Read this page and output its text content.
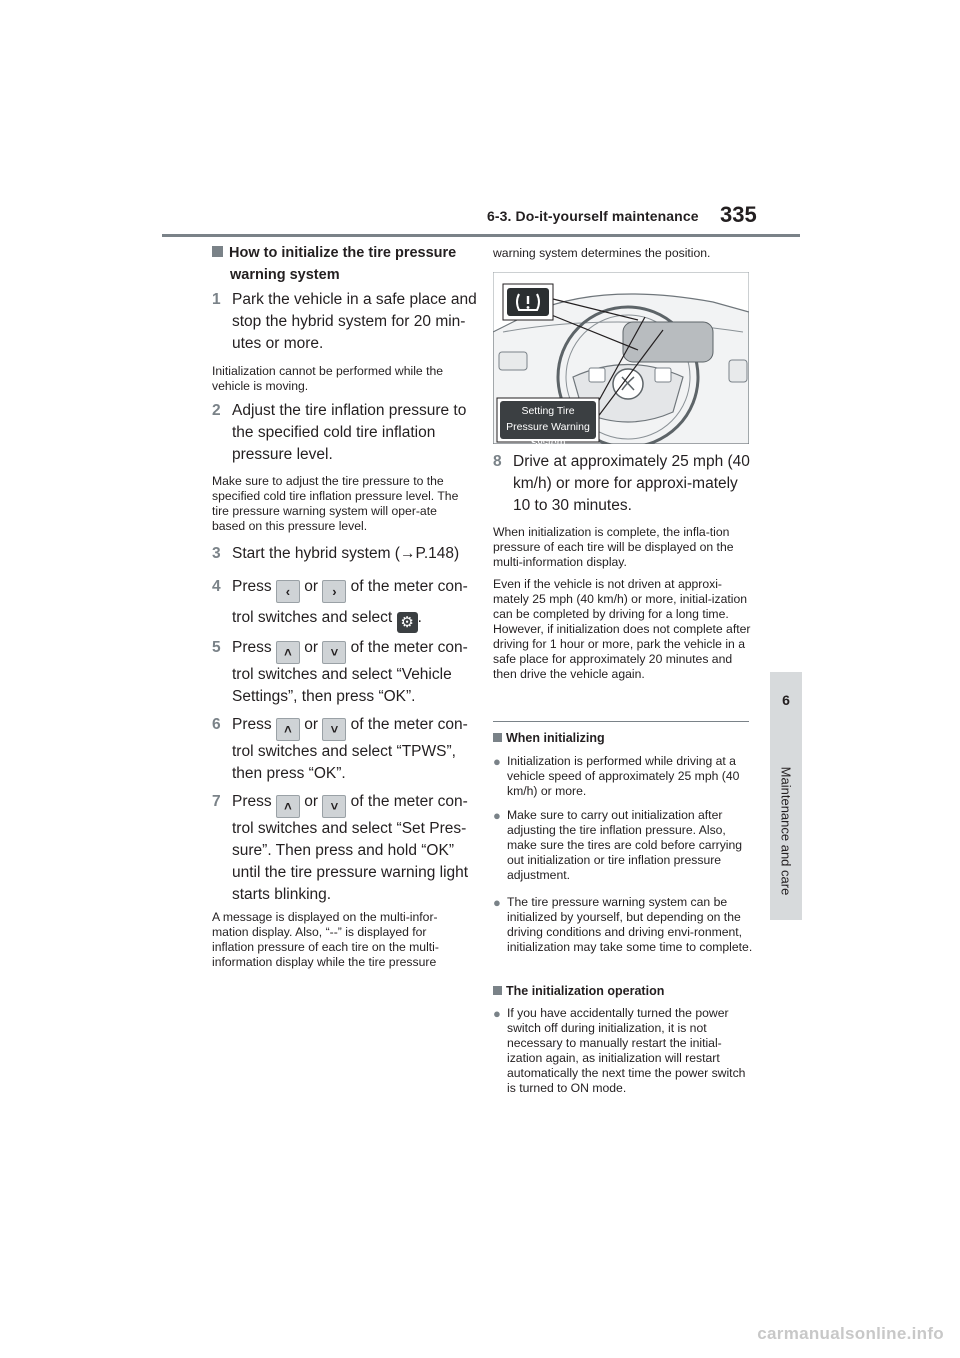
6-3. Do-it-yourself maintenance 335
6
Maintenance and care
How to initialize the tire pressure
warning system
1 Park the vehicle in a safe place and stop the hybrid system for 20 min-utes or more.
Initialization cannot be performed while the vehicle is moving.
2 Adjust the tire inflation pressure to the specified cold tire inflation pressure level.
Make sure to adjust the tire pressure to the specified cold tire inflation pressure level. The tire pressure warning system will oper-ate based on this pressure level.
3 Start the hybrid system (→P.148)
4 Press ‹ or › of the meter con-
trol switches and select ⚙ .
5 Press ˄ or ˅ of the meter con- trol switches and select “Vehicle Settings”, then press “OK”.
6 Press ˄ or ˅ of the meter con- trol switches and select “TPWS”, then press “OK”.
7 Press ˄ or ˅ of the meter con- trol switches and select “Set Pres-sure”. Then press and hold “OK” until the tire pressure warning light starts blinking.
A message is displayed on the multi-infor-mation display. Also, “--” is displayed for inflation pressure of each tire on the multi-information display while the tire pressure
warning system determines the position.
Setting Tire Pressure Warning System
8 Drive at approximately 25 mph (40 km/h) or more for approxi-mately 10 to 30 minutes.
When initialization is complete, the infla-tion pressure of each tire will be displayed on the multi-information display.
Even if the vehicle is not driven at approxi-mately 25 mph (40 km/h) or more, initial-ization can be completed by driving for a long time. However, if initialization does not complete after driving for 1 hour or more, park the vehicle in a safe place for approximately 20 minutes and then drive the vehicle again.
When initializing
● Initialization is performed while driving at a vehicle speed of approximately 25 mph (40 km/h) or more.
● Make sure to carry out initialization after adjusting the tire inflation pressure. Also, make sure the tires are cold before carrying out initialization or tire inflation pressure adjustment.
● The tire pressure warning system can be initialized by yourself, but depending on the driving conditions and driving envi-ronment, initialization may take some time to complete.
The initialization operation
● If you have accidentally turned the power switch off during initialization, it is not necessary to manually restart the initial-ization again, as initialization will restart automatically the next time the power switch is turned to ON mode.
carmanualsonline.info
